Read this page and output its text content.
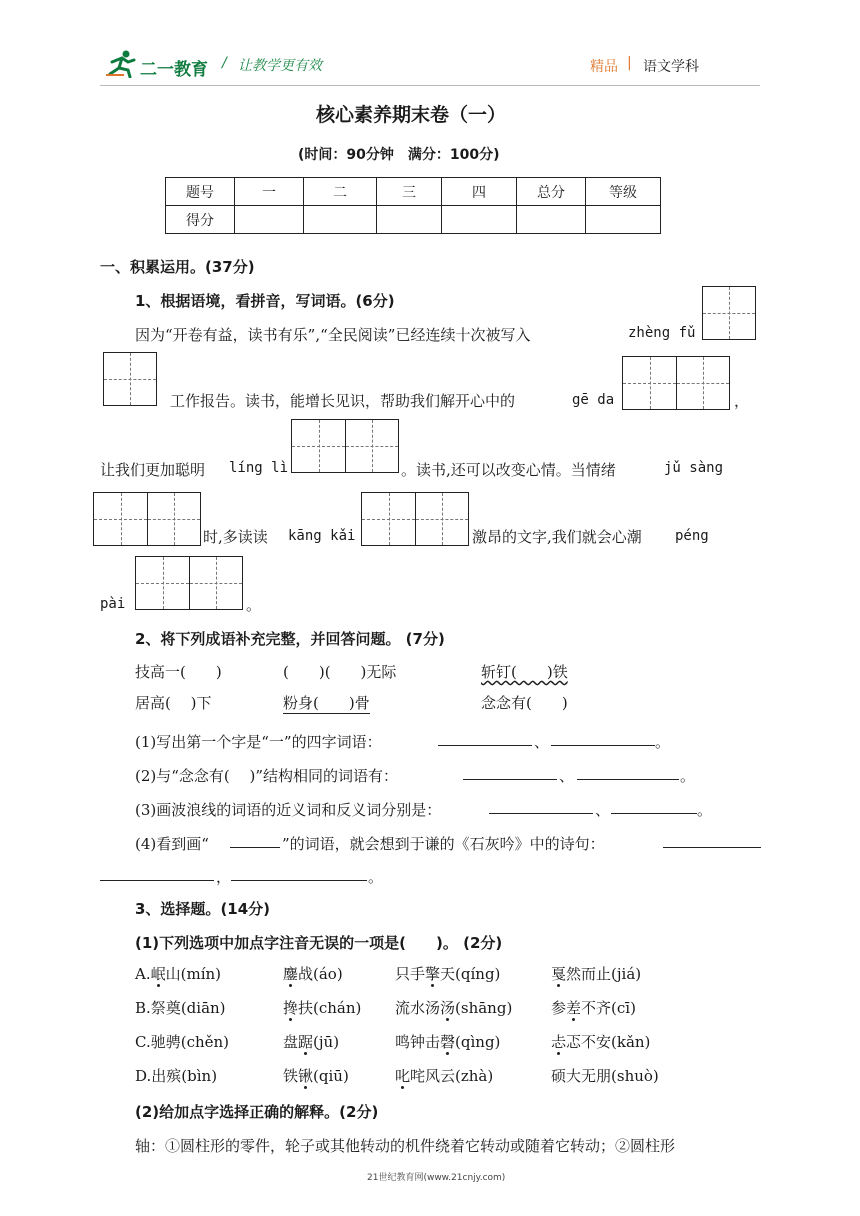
二一教育 / 让教学更有效	精品 | 语文学科
核心素养期末卷（一）
(时间：90分钟　满分：100分)
题号	一	二	三	四	总分	等级
得分						
一、积累运用。(37分)
1、根据语境，看拼音，写词语。(6分)
因为“开卷有益，读书有乐”,“全民阅读”已经连续十次被写入	zhèng fǔ
工作报告。读书，能增长见识，帮助我们解开心中的	gē da	，
让我们更加聪明 líng lì	。读书,还可以改变心情。当情绪	jǔ sàng
时,多读读 kāng kǎi	激昂的文字,我们就会心潮 péng
pài	。
2、将下列成语补充完整，并回答问题。 (7分)
技高一(　　)	(　　)(　　)无际	斩钉(　　)铁
居高(　 )下	粉身(　　)骨	念念有(　　)
(1)写出第一个字是“一”的四字词语：	、	。
(2)与“念念有(　 )”结构相同的词语有：	、	。
(3)画波浪线的词语的近义词和反义词分别是：	、	。
(4)看到画“	”的词语，就会想到于谦的《石灰吟》中的诗句：
，	。
3、选择题。(14分)
(1)下列选项中加点字注音无误的一项是(　　)。 (2分)
A.岷山(mín)	鏖战(áo)	只手擎天(qíng)	戛然而止(jiá)
B.祭奠(diān)	搀扶(chán) 流水汤汤(shāng)	参差不齐(cī)
C.驰骋(chěn)	盘踞(jū)	鸣钟击磬(qìng)	忐忑不安(kǎn)
D.出殡(bìn)	铁锹(qiū)	叱咤风云(zhà)	硕大无朋(shuò)
(2)给加点字选择正确的解释。(2分)
轴：①圆柱形的零件，轮子或其他转动的机件绕着它转动或随着它转动；②圆柱形
21世纪教育网(www.21cnjy.com)
